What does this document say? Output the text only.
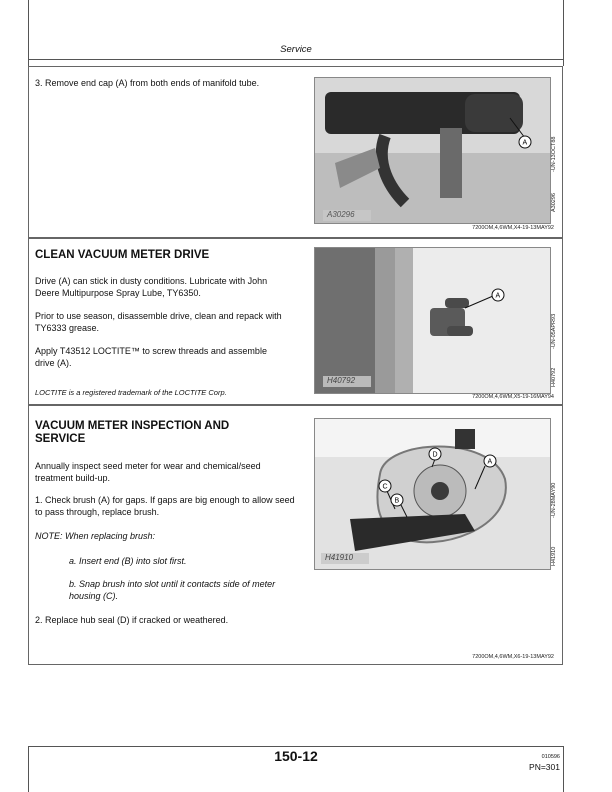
Service
3. Remove end cap (A) from both ends of manifold tube.
A
A30296
A30296
-UN-13OCT88
7200OM,4,6WM,X4-19-13MAY92
CLEAN VACUUM METER DRIVE
Drive (A) can stick in dusty conditions. Lubricate with John Deere Multipurpose Spray Lube, TY6350.
Prior to use season, disassemble drive, clean and repack with TY6333 grease.
Apply T43512 LOCTITE™ to screw threads and assemble drive (A).
LOCTITE is a registered trademark of the LOCTITE Corp.
A
H40792	H40792
-UN-05APR93
7200OM,4,6WM,X5-19-16MAY94
VACUUM METER INSPECTION AND SERVICE
Annually inspect seed meter for wear and chemical/seed treatment build-up.
1. Check brush (A) for gaps. If gaps are big enough to allow seed to pass through, replace brush.
NOTE: When replacing brush:
a. Insert end (B) into slot first.
b. Snap brush into slot until it contacts side of meter housing (C).
2. Replace hub seal (D) if cracked or weathered.
D
A
C
B
H41910	H41910
-UN-28MAY90
7200OM,4,6WM,X6-19-13MAY92
150-12	010596
PN=301
